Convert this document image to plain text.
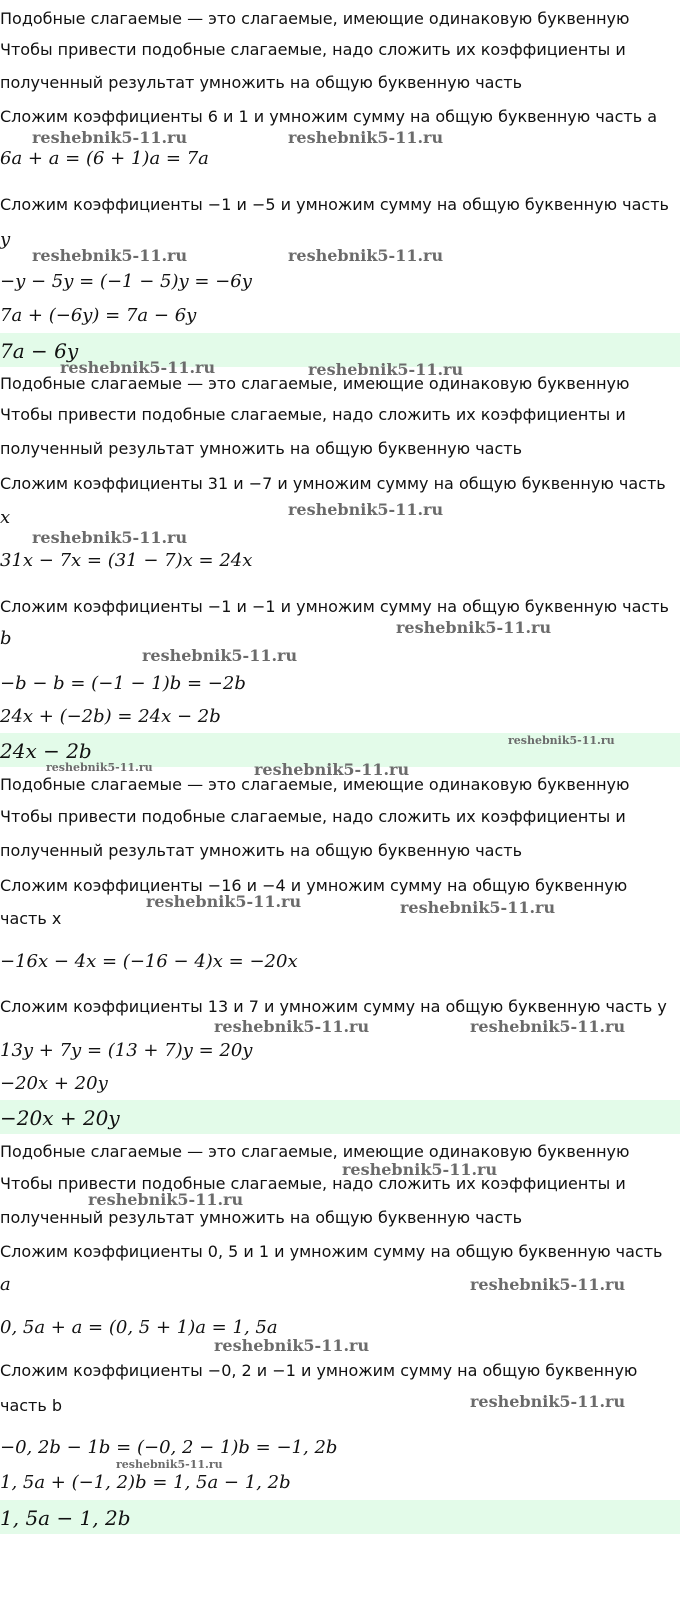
Подобные слагаемые — это слагаемые, имеющие одинаковую буквенную
Чтобы привести подобные слагаемые, надо сложить их коэффициенты и
полученный результат умножить на общую буквенную часть
Сложим коэффициенты 6 и 1 и умножим сумму на общую буквенную часть a
6a + a = (6 + 1)a = 7a
Сложим коэффициенты −1 и −5 и умножим сумму на общую буквенную часть
y
−y − 5y = (−1 − 5)y = −6y
7a + (−6y) = 7a − 6y
7a − 6y
Подобные слагаемые — это слагаемые, имеющие одинаковую буквенную
Чтобы привести подобные слагаемые, надо сложить их коэффициенты и
полученный результат умножить на общую буквенную часть
Сложим коэффициенты 31 и −7 и умножим сумму на общую буквенную часть
x
31x − 7x = (31 − 7)x = 24x
Сложим коэффициенты −1 и −1 и умножим сумму на общую буквенную часть
b
−b − b = (−1 − 1)b = −2b
24x + (−2b) = 24x − 2b
24x − 2b
Подобные слагаемые — это слагаемые, имеющие одинаковую буквенную
Чтобы привести подобные слагаемые, надо сложить их коэффициенты и
полученный результат умножить на общую буквенную часть
Сложим коэффициенты −16 и −4 и умножим сумму на общую буквенную
часть x
−16x − 4x = (−16 − 4)x = −20x
Сложим коэффициенты 13 и 7 и умножим сумму на общую буквенную часть y
13y + 7y = (13 + 7)y = 20y
−20x + 20y
−20x + 20y
Подобные слагаемые — это слагаемые, имеющие одинаковую буквенную
Чтобы привести подобные слагаемые, надо сложить их коэффициенты и
полученный результат умножить на общую буквенную часть
Сложим коэффициенты 0, 5 и 1 и умножим сумму на общую буквенную часть
a
0, 5a + a = (0, 5 + 1)a = 1, 5a
Сложим коэффициенты −0, 2 и −1 и умножим сумму на общую буквенную
часть b
−0, 2b − 1b = (−0, 2 − 1)b = −1, 2b
1, 5a + (−1, 2)b = 1, 5a − 1, 2b
1, 5a − 1, 2b
reshebnik5-11.ru	reshebnik5-11.ru
reshebnik5-11.ru	reshebnik5-11.ru
reshebnik5-11.ru	reshebnik5-11.ru
reshebnik5-11.ru
reshebnik5-11.ru
reshebnik5-11.ru
reshebnik5-11.ru
reshebnik5-11.ru
reshebnik5-11.ru	reshebnik5-11.ru
reshebnik5-11.ru	reshebnik5-11.ru
reshebnik5-11.ru	reshebnik5-11.ru
reshebnik5-11.ru
reshebnik5-11.ru
reshebnik5-11.ru
reshebnik5-11.ru
reshebnik5-11.ru
reshebnik5-11.ru
